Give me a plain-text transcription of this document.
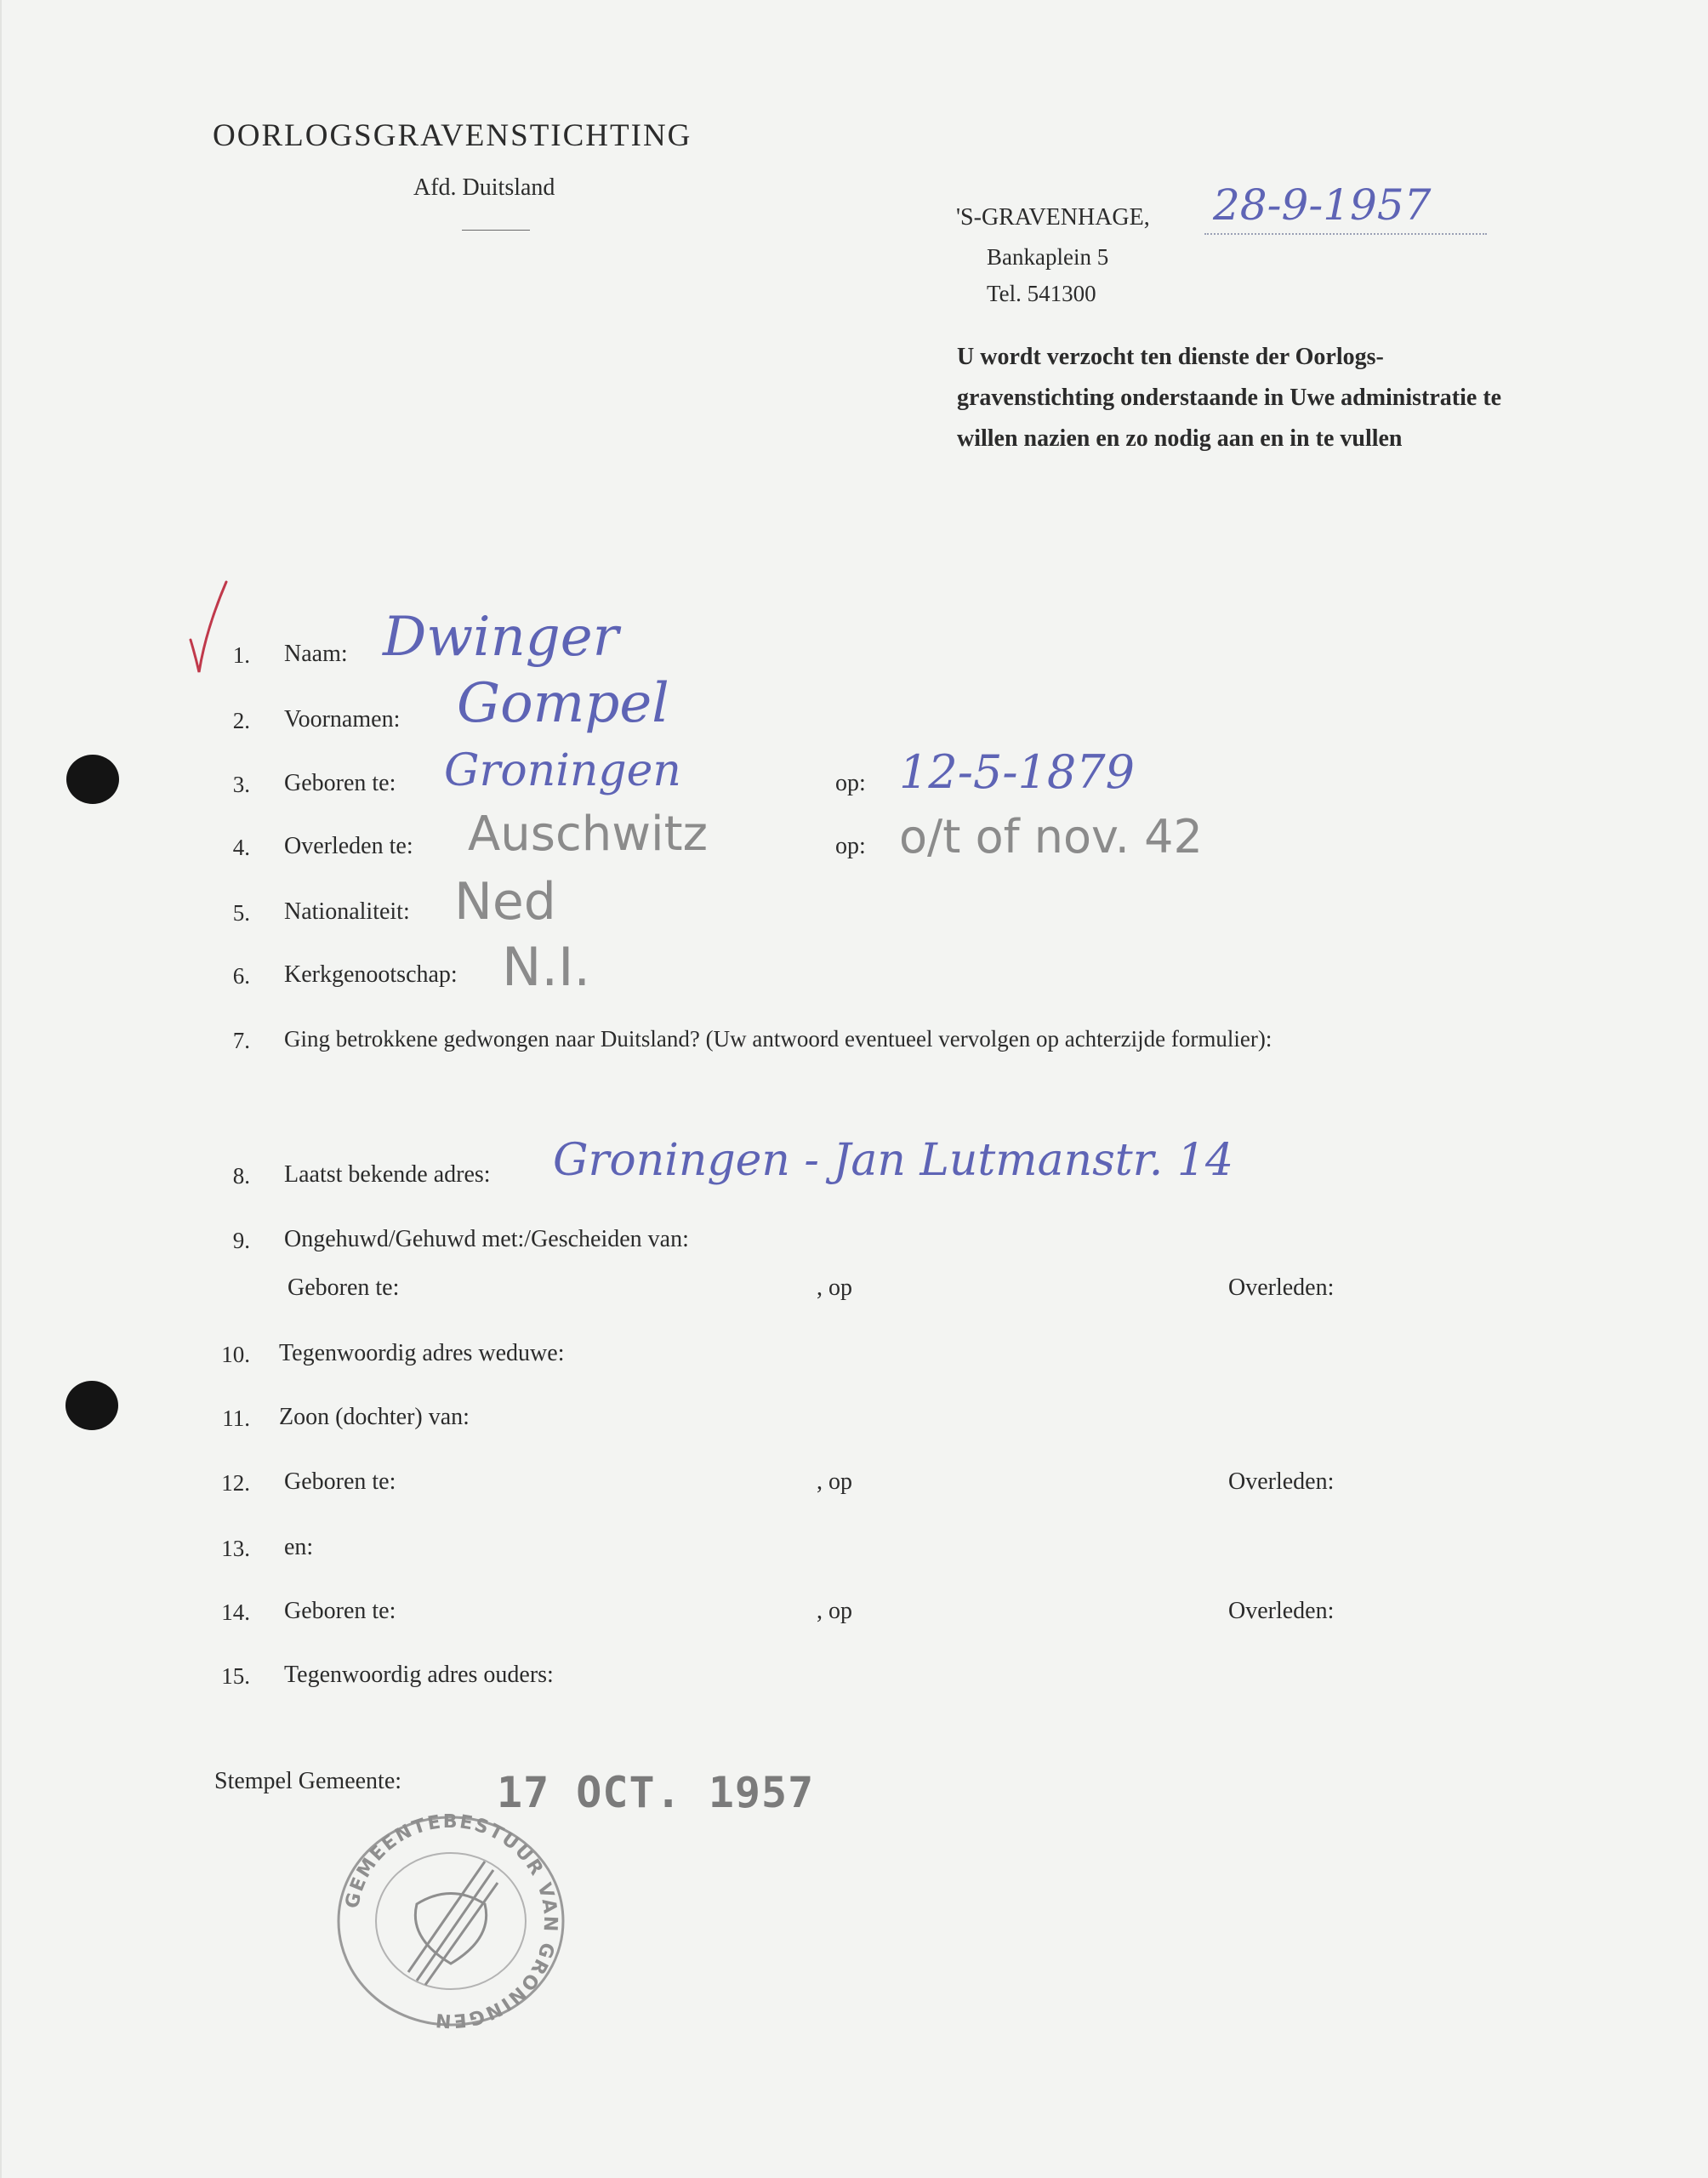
OORLOGSGRAVENSTICHTING
Afd. Duitsland
'S-GRAVENHAGE, 28-9-1957
Bankaplein 5
Tel. 541300
U wordt verzocht ten dienste der Oorlogs-gravenstichting onderstaande in Uwe administratie te willen nazien en zo nodig aan en in te vullen
1. Naam: Dwinger
2. Voornamen: Gompel
3. Geboren te: Groningen	op: 12-5-1879
4. Overleden te: Auschwitz	op: o/t of nov. 42
5. Nationaliteit: Ned
6. Kerkgenootschap: N.I.
7. Ging betrokkene gedwongen naar Duitsland? (Uw antwoord eventueel vervolgen op achterzijde formulier):
8. Laatst bekende adres: Groningen - Jan Lutmanstr. 14
9. Ongehuwd/Gehuwd met:/Gescheiden van:
Geboren te:	, op	Overleden:
10. Tegenwoordig adres weduwe:
11. Zoon (dochter) van:
12. Geboren te:	, op	Overleden:
13. en:
14. Geboren te:	, op	Overleden:
15. Tegenwoordig adres ouders:
Stempel Gemeente: 17 OCT. 1957
GEMEENTEBESTUUR VAN GRONINGEN
